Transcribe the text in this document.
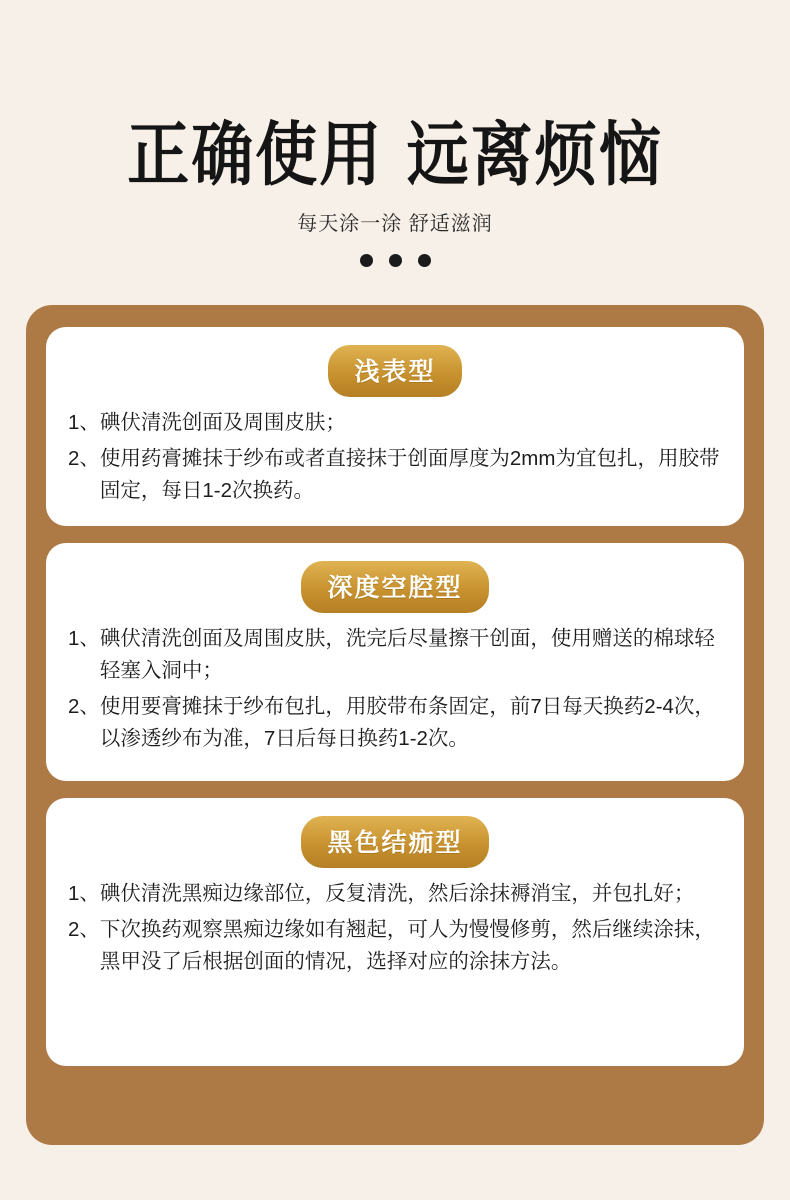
正确使用 远离烦恼
每天涂一涂 舒适滋润
浅表型
1、 碘伏清洗创面及周围皮肤；
2、 使用药膏摊抹于纱布或者直接抹于创面厚度为2mm为宜包扎，用胶带固定，每日1-2次换药。
深度空腔型
1、 碘伏清洗创面及周围皮肤，洗完后尽量擦干创面，使用赠送的棉球轻轻塞入洞中；
2、 使用要膏摊抹于纱布包扎，用胶带布条固定，前7日每天换药2-4次，以渗透纱布为准，7日后每日换药1-2次。
黑色结痂型
1、 碘伏清洗黑痴边缘部位，反复清洗，然后涂抹褥消宝，并包扎好；
2、 下次换药观察黑痴边缘如有翘起，可人为慢慢修剪，然后继续涂抹，黑甲没了后根据创面的情况，选择对应的涂抹方法。
